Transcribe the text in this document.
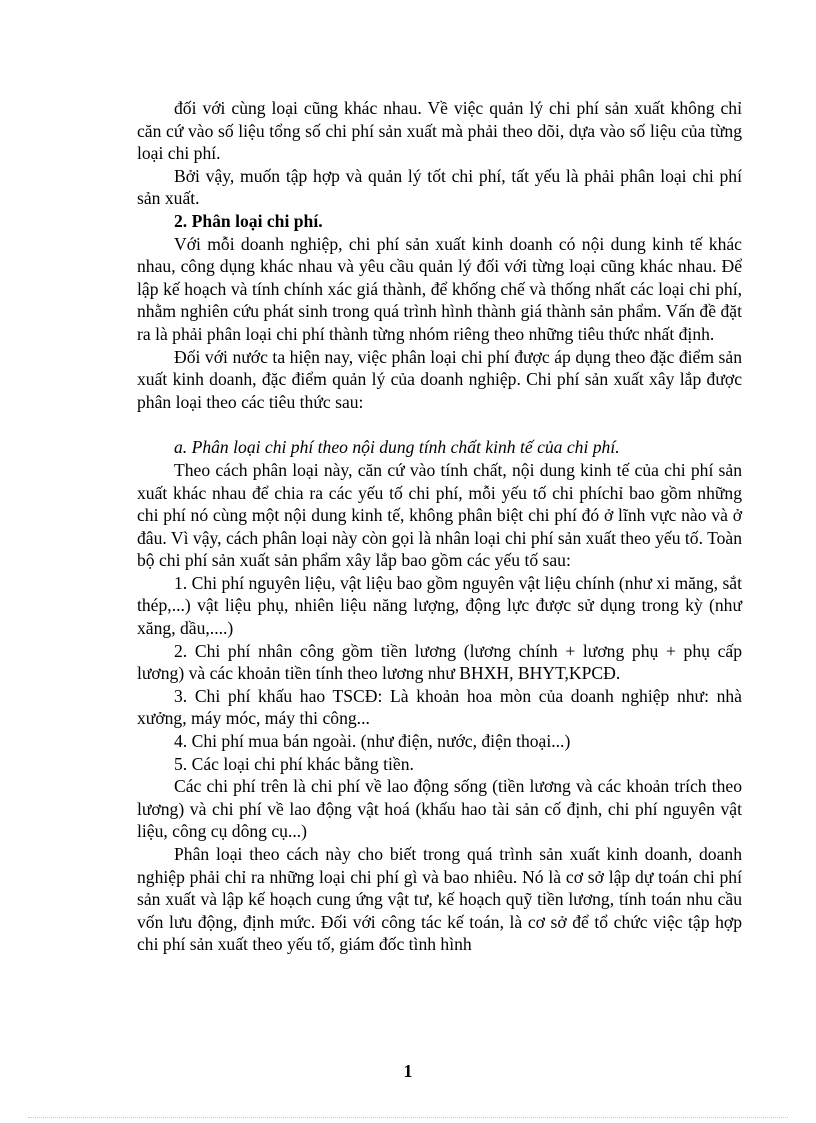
đối với cùng loại cũng khác nhau. Về việc quản lý chi phí sản xuất không chỉ căn cứ vào số liệu tổng số chi phí sản xuất mà phải theo dõi, dựa vào số liệu của từng loại chi phí.

Bởi vậy, muốn tập hợp và quản lý tốt chi phí, tất yếu là phải phân loại chi phí sản xuất.

2. Phân loại chi phí.

Với mỗi doanh nghiệp, chi phí sản xuất kinh doanh có nội dung kinh tế khác nhau, công dụng khác nhau và yêu cầu quản lý đối với từng loại cũng khác nhau. Để lập kế hoạch và tính chính xác giá thành, để khống chế và thống nhất các loại chi phí, nhằm nghiên cứu phát sinh trong quá trình hình thành giá thành sản phẩm. Vấn đề đặt ra là phải phân loại chi phí thành từng nhóm riêng theo những tiêu thức nhất định.

Đối với nước ta hiện nay, việc phân loại chi phí được áp dụng theo đặc điểm sản xuất kinh doanh, đặc điểm quản lý của doanh nghiệp. Chi phí sản xuất xây lắp được phân loại theo các tiêu thức sau:

a. Phân loại chi phí theo nội dung tính chất kinh tế của chi phí.

Theo cách phân loại này, căn cứ vào tính chất, nội dung kinh tế của chi phí sản xuất khác nhau để chia ra các yếu tố chi phí, mỗi yếu tố chi phíchỉ bao gồm những chi phí nó cùng một nội dung kinh tế, không phân biệt chi phí đó ở lĩnh vực nào và ở đâu. Vì vậy, cách phân loại này còn gọi là nhân loại chi phí sản xuất theo yếu tố. Toàn bộ chi phí sản xuất sản phẩm xây lắp bao gồm các yếu tố sau:

1. Chi phí nguyên liệu, vật liệu bao gồm nguyên vật liệu chính (như xi măng, sắt thép,...) vật liệu phụ, nhiên liệu năng lượng, động lực được sử dụng trong kỳ (như xăng, dầu,....)

2. Chi phí nhân công gồm tiền lương (lương chính + lương phụ + phụ cấp lương) và các khoản tiền tính theo lương như BHXH, BHYT,KPCĐ.

3. Chi phí khấu hao TSCĐ: Là khoản hoa mòn của doanh nghiệp như: nhà xưởng, máy móc, máy thi công...

4. Chi phí mua bán ngoài. (như điện, nước, điện thoại...)

5. Các loại chi phí khác bằng tiền.

Các chi phí trên là chi phí về lao động sống (tiền lương và các khoản trích theo lương) và chi phí về lao động vật hoá (khấu hao tài sản cố định, chi phí nguyên vật liệu, công cụ dông cụ...)

Phân loại theo cách này cho biết trong quá trình sản xuất kinh doanh, doanh nghiệp phải chỉ ra những loại chi phí gì và bao nhiêu. Nó là cơ sở lập dự toán chi phí sản xuất và lập kế hoạch cung ứng vật tư, kế hoạch quỹ tiền lương, tính toán nhu cầu vốn lưu động, định mức. Đối với công tác kế toán, là cơ sở để tổ chức việc tập hợp chi phí sản xuất theo yếu tố, giám đốc tình hình

1
